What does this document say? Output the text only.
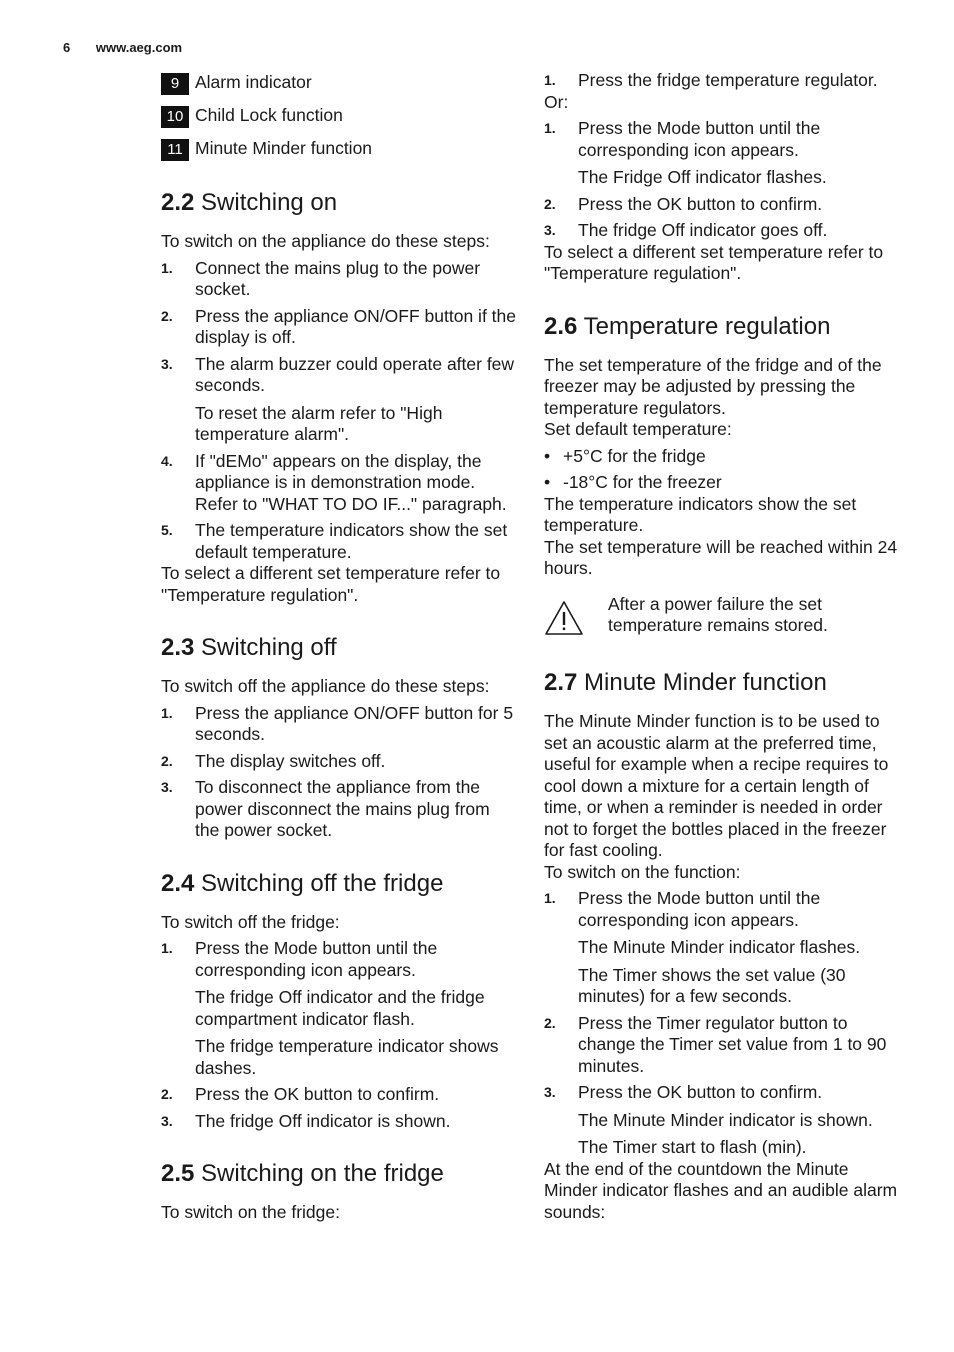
6 www.aeg.com
9 Alarm indicator
10 Child Lock function
11 Minute Minder function
2.2 Switching on

To switch on the appliance do these steps:

1.	Connect the mains plug to the power socket.
2.	Press the appliance ON/OFF button if the display is off.
3.	The alarm buzzer could operate after few seconds.

To reset the alarm refer to "High temperature alarm".

4.	If "dEMo" appears on the display, the appliance is in demonstration mode. Refer to "WHAT TO DO IF..." paragraph.
5.	The temperature indicators show the set default temperature.

To select a different set temperature refer to "Temperature regulation".

2.3 Switching off

To switch off the appliance do these steps:

1.	Press the appliance ON/OFF button for 5 seconds.
2.	The display switches off.
3.	To disconnect the appliance from the power disconnect the mains plug from the power socket.
2.4 Switching off the fridge

To switch off the fridge:

1.	Press the Mode button until the corresponding icon appears.

The fridge Off indicator and the fridge compartment indicator flash.

The fridge temperature indicator shows dashes.

2.	Press the OK button to confirm.
3.	The fridge Off indicator is shown.
2.5 Switching on the fridge

To switch on the fridge:

1.	Press the fridge temperature regulator.

Or:

1.	Press the Mode button until the corresponding icon appears.

The Fridge Off indicator flashes.

2.	Press the OK button to confirm.
3.	The fridge Off indicator goes off.

To select a different set temperature refer to "Temperature regulation".

2.6 Temperature regulation

The set temperature of the fridge and of the freezer may be adjusted by pressing the temperature regulators.

Set default temperature:

• +5°C for the fridge
• -18°C for the freezer

The temperature indicators show the set temperature.

The set temperature will be reached within 24 hours.

After a power failure the set temperature remains stored.
2.7 Minute Minder function

The Minute Minder function is to be used to set an acoustic alarm at the preferred time, useful for example when a recipe requires to cool down a mixture for a certain length of time, or when a reminder is needed in order not to forget the bottles placed in the freezer for fast cooling.

To switch on the function:

1.	Press the Mode button until the corresponding icon appears.

The Minute Minder indicator flashes.

The Timer shows the set value (30 minutes) for a few seconds.

2.	Press the Timer regulator button to change the Timer set value from 1 to 90 minutes.
3.	Press the OK button to confirm.

The Minute Minder indicator is shown.

The Timer start to flash (min).

At the end of the countdown the Minute Minder indicator flashes and an audible alarm sounds:
